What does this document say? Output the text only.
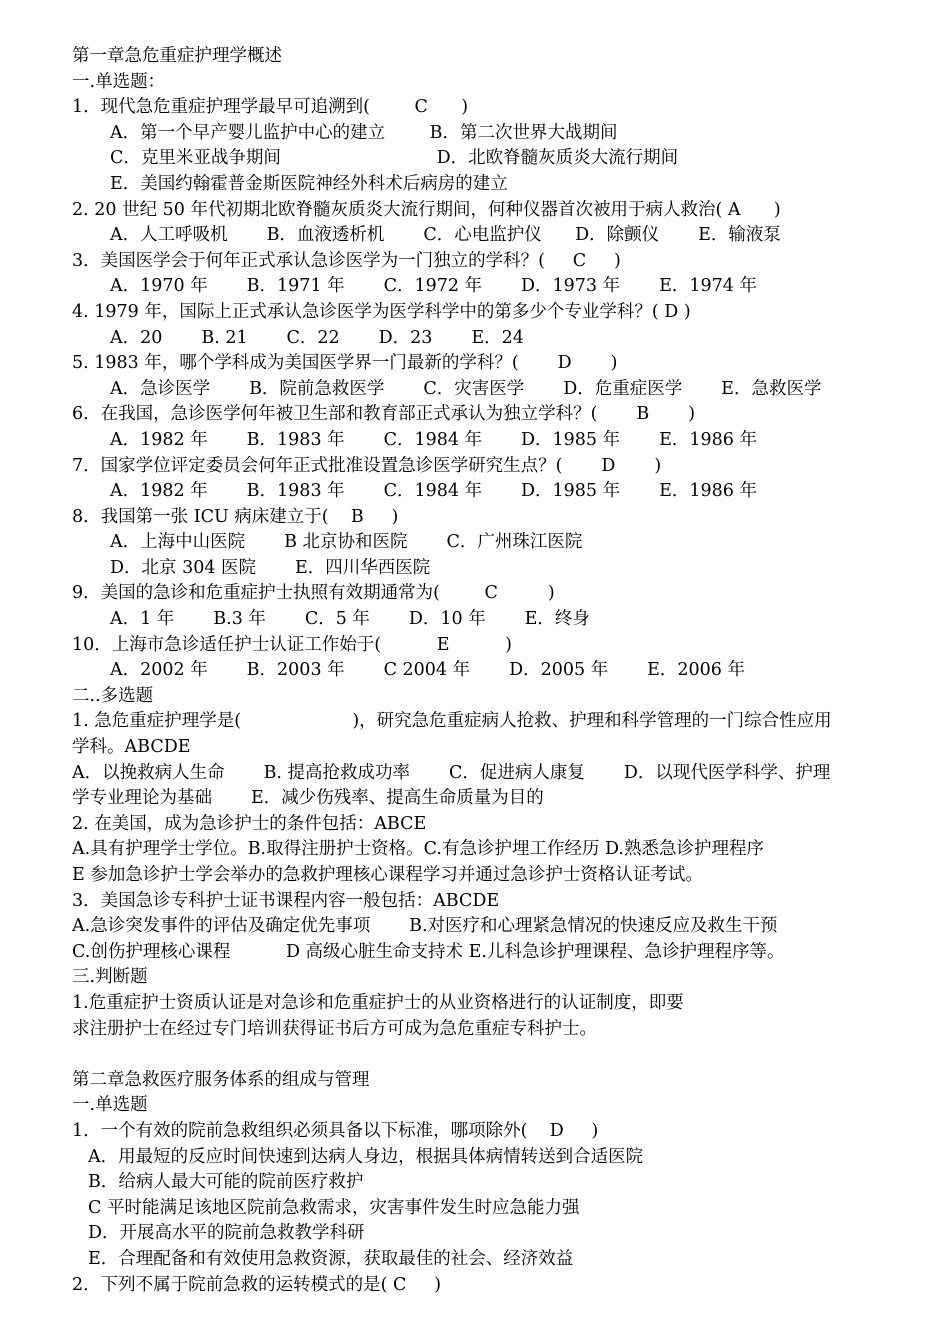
第一章急危重症护理学概述
一.单选题：
1．现代急危重症护理学最早可追溯到(        C      )
A．第一个早产婴儿监护中心的建立        B．第二次世界大战期间
C．克里米亚战争期间                            D．北欧脊髓灰质炎大流行期间
E．美国约翰霍普金斯医院神经外科术后病房的建立
2. 20 世纪 50 年代初期北欧脊髓灰质炎大流行期间，何种仪器首次被用于病人救治( A      )
A．人工呼吸机       B．血液透析机       C．心电监护仪      D．除颤仪       E．输液泵
3．美国医学会于何年正式承认急诊医学为一门独立的学科？(     C     )
A．1970 年       B．1971 年       C．1972 年       D．1973 年       E．1974 年
4. 1979 年，国际上正式承认急诊医学为医学科学中的第多少个专业学科？( D )
A．20       B. 21       C．22       D．23       E．24
5. 1983 年，哪个学科成为美国医学界一门最新的学科？(       D       )
A．急诊医学       B．院前急救医学       C．灾害医学       D．危重症医学       E．急救医学
6．在我国，急诊医学何年被卫生部和教育部正式承认为独立学科？(       B       )
A．1982 年       B．1983 年       C．1984 年       D．1985 年       E．1986 年
7．国家学位评定委员会何年正式批准设置急诊医学研究生点？(       D       )
A．1982 年       B．1983 年       C．1984 年       D．1985 年       E．1986 年
8．我国第一张 ICU 病床建立于(    B     )
A．上海中山医院       B 北京协和医院       C．广州珠江医院
D．北京 304 医院       E．四川华西医院
9．美国的急诊和危重症护士执照有效期通常为(        C         )
A．1 年       B.3 年       C．5 年       D．10 年       E．终身
10．上海市急诊适任护士认证工作始于(          E          )
A．2002 年       B．2003 年       C 2004 年       D．2005 年       E．2006 年
二..多选题
1. 急危重症护理学是(                    )，研究急危重症病人抢救、护理和科学管理的一门综合性应用
学科。ABCDE
A．以挽救病人生命       B. 提高抢救成功率       C．促进病人康复       D．以现代医学科学、护理
学专业理论为基础       E．减少伤残率、提高生命质量为目的
2. 在美国，成为急诊护士的条件包括：ABCE
A.具有护理学士学位。B.取得注册护士资格。C.有急诊护埋工作经历 D.熟悉急诊护理程序
E 参加急诊护士学会举办的急救护理核心课程学习并通过急诊护士资格认证考试。
3．美国急诊专科护士证书课程内容一般包括：ABCDE
A.急诊突发事件的评估及确定优先事项       B.对医疗和心理紧急情况的快速反应及救生干预
C.创伤护理核心课程          D 高级心脏生命支持术 E.儿科急诊护理课程、急诊护理程序等。
三.判断题
1.危重症护士资质认证是对急诊和危重症护士的从业资格进行的认证制度，即要
求注册护士在经过专门培训获得证书后方可成为急危重症专科护士。
第二章急救医疗服务体系的组成与管理
一.单选题
1．一个有效的院前急救组织必须具备以下标准，哪项除外(    D     )
A．用最短的反应时间快速到达病人身边，根据具体病情转送到合适医院
B．给病人最大可能的院前医疗救护
C 平时能满足该地区院前急救需求，灾害事件发生时应急能力强
D．开展高水平的院前急救教学科研
E．合理配备和有效使用急救资源，获取最佳的社会、经济效益
2．下列不属于院前急救的运转模式的是( C     )
